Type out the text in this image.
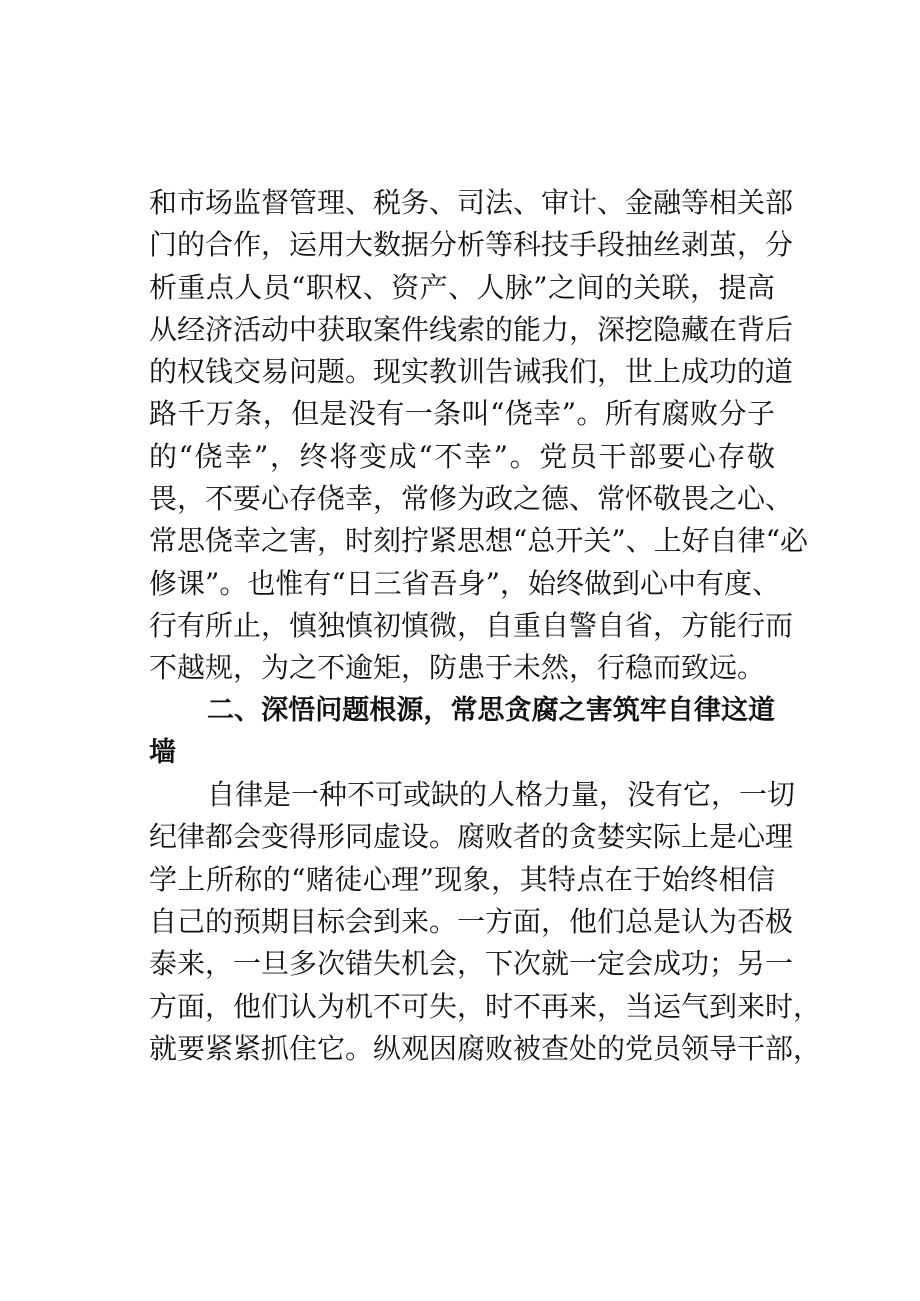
和市场监督管理、税务、司法、审计、金融等相关部
门的合作，运用大数据分析等科技手段抽丝剥茧，分
析重点人员“职权、资产、人脉”之间的关联，提高
从经济活动中获取案件线索的能力，深挖隐藏在背后
的权钱交易问题。现实教训告诫我们，世上成功的道
路千万条，但是没有一条叫“侥幸”。所有腐败分子
的“侥幸”，终将变成“不幸”。党员干部要心存敬
畏，不要心存侥幸，常修为政之德、常怀敬畏之心、
常思侥幸之害，时刻拧紧思想“总开关”、上好自律“必
修课”。也惟有“日三省吾身”，始终做到心中有度、
行有所止，慎独慎初慎微，自重自警自省，方能行而
不越规，为之不逾矩，防患于未然，行稳而致远。
二、深悟问题根源，常思贪腐之害筑牢自律这道
墙
自律是一种不可或缺的人格力量，没有它，一切
纪律都会变得形同虚设。腐败者的贪婪实际上是心理
学上所称的“赌徒心理”现象，其特点在于始终相信
自己的预期目标会到来。一方面，他们总是认为否极
泰来，一旦多次错失机会，下次就一定会成功；另一
方面，他们认为机不可失，时不再来，当运气到来时，
就要紧紧抓住它。纵观因腐败被查处的党员领导干部，
